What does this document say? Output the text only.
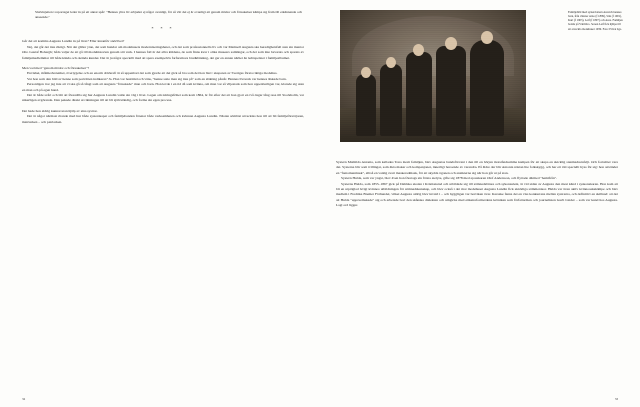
Slutvinjetten i reportaget leder in på ett annat spår: "Hennes yttre liv erbjuder ej något ovanligt, för så vitt det ej är ovanligt att genom mödor och försakelser kämpa sig fram till erkännande och anseende."
* * *

Går det att komma Augusta Lundin in på livet? Eller innanför snörlivet?

Nej, det går det inte riktigt. När det gäller ytan, det som hundar om modehusets moderniseringsheter, och det som professionnella liv och var Mamsell Augusta ska heredighetsfull sten sin mentor Otto Gustaf Bobergh; båda valjer de att gå till modehistorien genom sitt verk. I hennes fall är det allra klädena, de som finns kvar i olika museers samlingar, och det som inte bevarats och sparats av familjemedlemmar till både kända och okända kunder. Det är ju något speciellt med att spara exempelvis farfarsmors brudklänning, det ger en annan närhet än ledöspelatet i familjealbumet.

Men vad med "genom mödor och försakelser"?

Envishet, målmedvetenhet, övertygelse och en enorm drivkraft är så uppenbart det som gjorde att det gick så bra som det hon blev: skaparen av Sveriges första riktiga modehus.

Var hon som den bild av henne som porträtten indikerar? Ja. Hon var bestämd och väns, "henne satte man sig inte på" som en släkting påstår. Hennes livsverk var hennes älskade barn.

Personligen tror jag inte att vi ska gå så långt som att Augusta "försakade" man och barn. Hon levde i en tid då som kvinna, om man var så viljestark som hon uppenbarligen var, klarade sig utan en man och på egen hand.

Det är både svårt och lätt att föreställa sig hur Augusta Lundin valde sin väg i livet. Lagen om näringsfrihet som kom 1864, är för efter det att hon gjort en två dagar lång resa till Stockholm, var säkerligen avgörande. Den pekade direkt ut riktningen till att bli självständig, och forma sin egen process.

Det hade hon aldrig kunnat utan hjälp av sina systrar.

Det är något närmast ritande med hur både systerskapet och familjebanden förenar både verksamheten och kvinnan Augusta Lundin. Nästan sömlöst utvecklas hon till att bli familjeförsörjaren, matriarken – och patriarken.

32
Familjebild med systerdottern Auroich hennes barn, från vänster Arno (f 1899), Stin (f 1901), Kurt (f 1903), Leif (f 1897) och Aura. Familjen bodde på Värmbro. Sonen Leif fick hjälpa till att arveckla modehuset 1939. Foto: Privat ägo.

Systern Mathilda Antonia, som kallades Tona inom familjen, blev Augustas bundsförvant i den till en början motståndsamma kampen för att skapa en skicklig stenmadsstafsljt. Och fortsätter vara det. Systerna blir som tvillingar, som äkta makar och kompanjoner, innerligt beroende av varandra. På äldre dar blir Antonia nästan lite folkskygg, och har ett rätt speciellt hyss för sig: hon använder en "fantomenmask", alltså en vanlig svart maskeradmask, för att skydda ögonen och ansikterna sig när hon går ut på stan.

Systern Hulda, som var yngst, blev även hon företags sin första atelyre, gifte sig 1878 med apotekaren Olof Andersson, och flyttade därmed "hemifrån".

Systerns Hulda, som 1855–1867 gick på Dahlska skolan i Kristianstad och utbildade sig till sömnadslärare och sykonsulent, är vid sidan av Augusta den mest känd i syskonskaran. Hon kom att bli en utpräglad ivrigt kvinnos utbildningen för sömnadskunskap, och blev också i det mot modehuset Augusta Lundin fick skickliga sömmerskor. Hulda var även aktiv kvinnosakskämpe och blev medlem i Fredrika Bremer Förbundet, vilket Augusta aldrig blev invald i – och hyggligen var berviken över. Karaske fanns det en viss konkurrens mellan systrarna, och definitivt en skillnad: att det att Hulda "uppsvemskade" sig och arbetade bort den skånska dialekten och umgicks med etiketreformerdens krönikan som författarman och journalisten Gurli Linder – som var kund hos Augusta. Lagt ord ligger.

33
